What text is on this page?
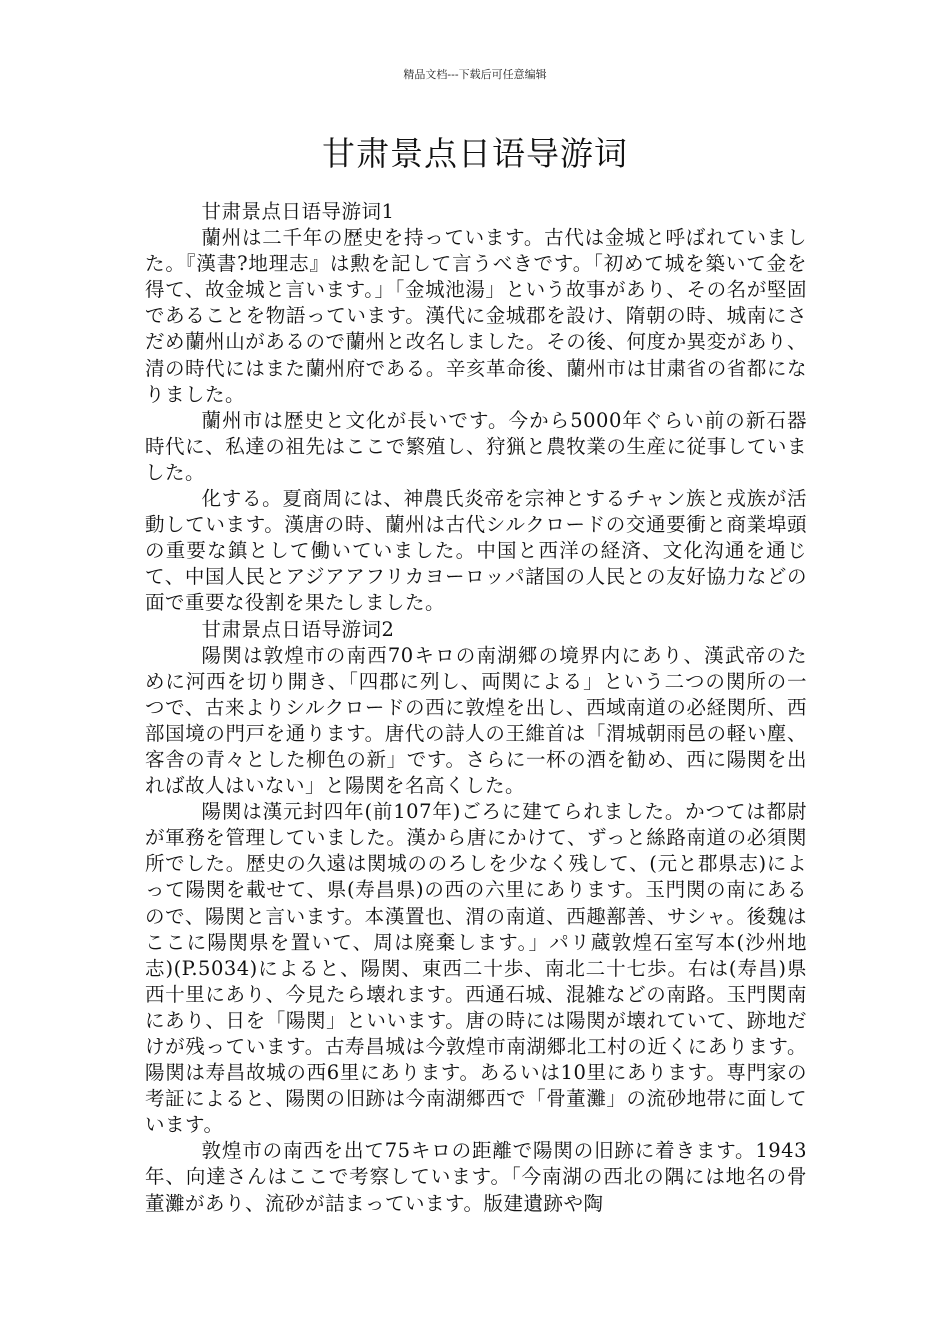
精品文档---下载后可任意编辑
甘肃景点日语导游词

甘肃景点日语导游词1

蘭州は二千年の歴史を持っています。古代は金城と呼ばれていました。『漢書?地理志』は勲を記して言うべきです。「初めて城を築いて金を得て、故金城と言います。」「金城池湯」という故事があり、その名が堅固であることを物語っています。漢代に金城郡を設け、隋朝の時、城南にさだめ蘭州山があるので蘭州と改名しました。その後、何度か異変があり、清の時代にはまた蘭州府である。辛亥革命後、蘭州市は甘粛省の省都になりました。

蘭州市は歴史と文化が長いです。今から5000年ぐらい前の新石器時代に、私達の祖先はここで繁殖し、狩猟と農牧業の生産に従事していました。

化する。夏商周には、神農氏炎帝を宗神とするチャン族と戎族が活動しています。漢唐の時、蘭州は古代シルクロードの交通要衝と商業埠頭の重要な鎮として働いていました。中国と西洋の経済、文化沟通を通じて、中国人民とアジアアフリカヨーロッパ諸国の人民との友好協力などの面で重要な役割を果たしました。

甘肃景点日语导游词2

陽関は敦煌市の南西70キロの南湖郷の境界内にあり、漢武帝のために河西を切り開き、「四郡に列し、両関による」という二つの関所の一つで、古来よりシルクロードの西に敦煌を出し、西域南道の必経関所、西部国境の門戸を通ります。唐代の詩人の王維首は「渭城朝雨邑の軽い塵、客舎の青々とした柳色の新」です。さらに一杯の酒を勧め、西に陽関を出れば故人はいない」と陽関を名高くした。

陽関は漢元封四年(前107年)ごろに建てられました。かつては都尉が軍務を管理していました。漢から唐にかけて、ずっと絲路南道の必須関所でした。歴史の久遠は関城ののろしを少なく残して、(元と郡県志)によって陽関を載せて、県(寿昌県)の西の六里にあります。玉門関の南にあるので、陽関と言います。本漢置也、渭の南道、西趣鄯善、サシャ。後魏はここに陽関県を置いて、周は廃棄します。」パリ蔵敦煌石室写本(沙州地志)(P.5034)によると、陽関、東西二十歩、南北二十七歩。右は(寿昌)県西十里にあり、今見たら壊れます。西通石城、混雑などの南路。玉門関南にあり、日を「陽関」といいます。唐の時には陽関が壊れていて、跡地だけが残っています。古寿昌城は今敦煌市南湖郷北工村の近くにあります。陽関は寿昌故城の西6里にあります。あるいは10里にあります。専門家の考証によると、陽関の旧跡は今南湖郷西で「骨董灘」の流砂地帯に面しています。

敦煌市の南西を出て75キロの距離で陽関の旧跡に着きます。1943年、向達さんはここで考察しています。「今南湖の西北の隅には地名の骨董灘があり、流砂が詰まっています。版建遺跡や陶
